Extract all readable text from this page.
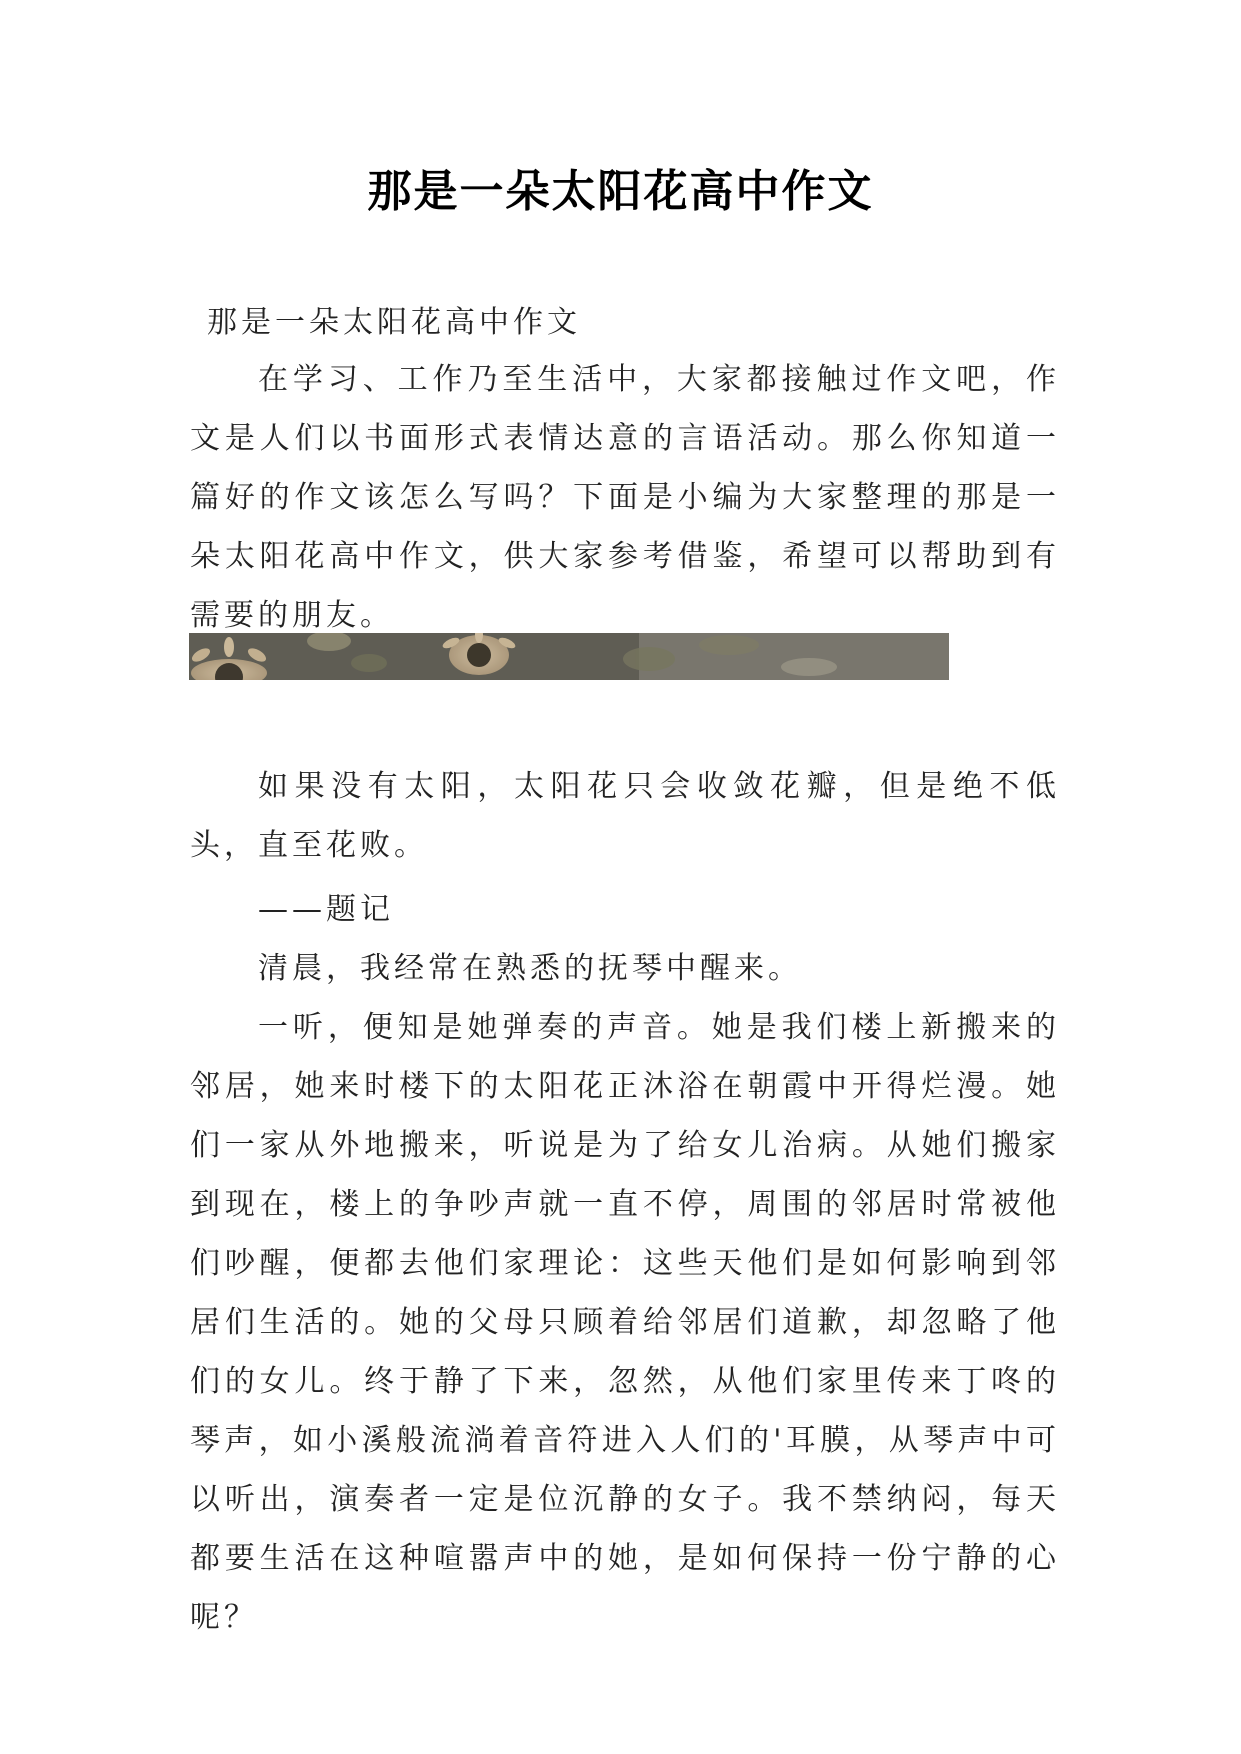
那是一朵太阳花高中作文
那是一朵太阳花高中作文

在学习、工作乃至生活中，大家都接触过作文吧，作文是人们以书面形式表情达意的言语活动。那么你知道一篇好的作文该怎么写吗？下面是小编为大家整理的那是一朵太阳花高中作文，供大家参考借鉴，希望可以帮助到有需要的朋友。

如果没有太阳，太阳花只会收敛花瓣，但是绝不低头，直至花败。

——题记

清晨，我经常在熟悉的抚琴中醒来。

一听，便知是她弹奏的声音。她是我们楼上新搬来的邻居，她来时楼下的太阳花正沐浴在朝霞中开得烂漫。她们一家从外地搬来，听说是为了给女儿治病。从她们搬家到现在，楼上的争吵声就一直不停，周围的邻居时常被他们吵醒，便都去他们家理论：这些天他们是如何影响到邻居们生活的。她的父母只顾着给邻居们道歉，却忽略了他们的女儿。终于静了下来，忽然，从他们家里传来丁咚的琴声，如小溪般流淌着音符进入人们的'耳膜，从琴声中可以听出，演奏者一定是位沉静的女子。我不禁纳闷，每天都要生活在这种喧嚣声中的她，是如何保持一份宁静的心呢？
